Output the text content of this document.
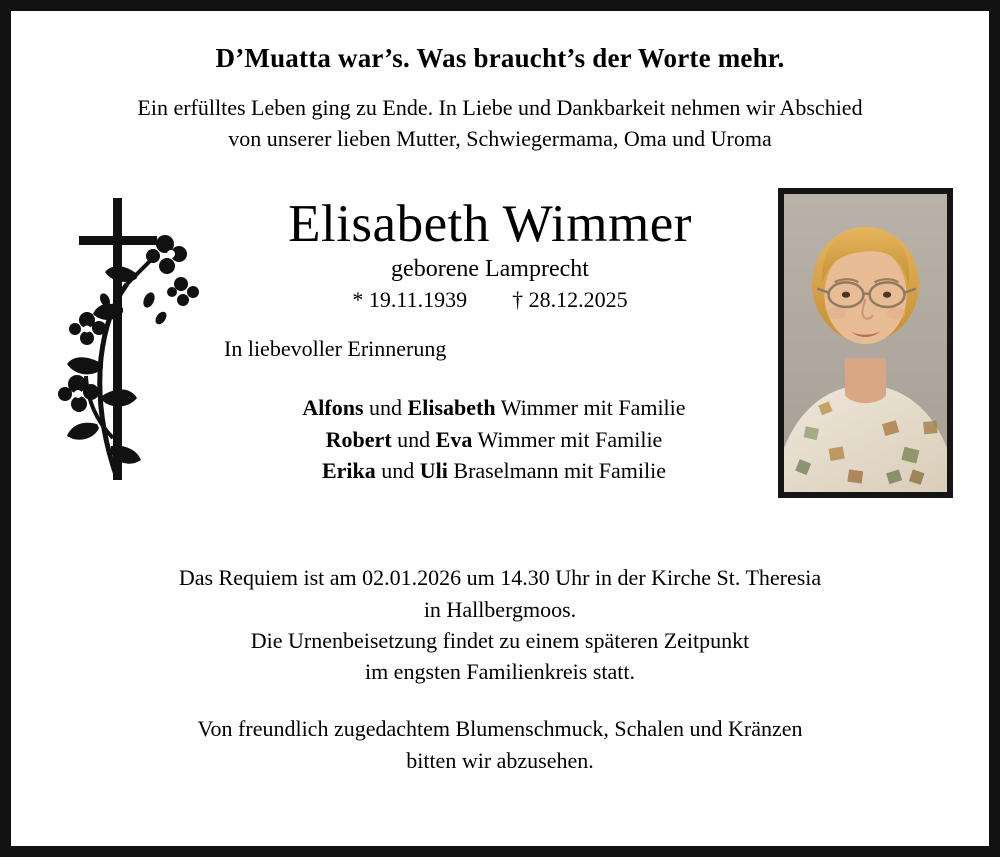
D’Muatta war’s. Was braucht’s der Worte mehr.
Ein erfülltes Leben ging zu Ende. In Liebe und Dankbarkeit nehmen wir Abschied
von unserer lieben Mutter, Schwiegermama, Oma und Uroma
Elisabeth Wimmer
geborene Lamprecht
* 19.11.1939 † 28.12.2025
In liebevoller Erinnerung
Alfons und Elisabeth Wimmer mit Familie
Robert und Eva Wimmer mit Familie
Erika und Uli Braselmann mit Familie
Das Requiem ist am 02.01.2026 um 14.30 Uhr in der Kirche St. Theresia
in Hallbergmoos.
Die Urnenbeisetzung findet zu einem späteren Zeitpunkt
im engsten Familienkreis statt.
Von freundlich zugedachtem Blumenschmuck, Schalen und Kränzen
bitten wir abzusehen.
